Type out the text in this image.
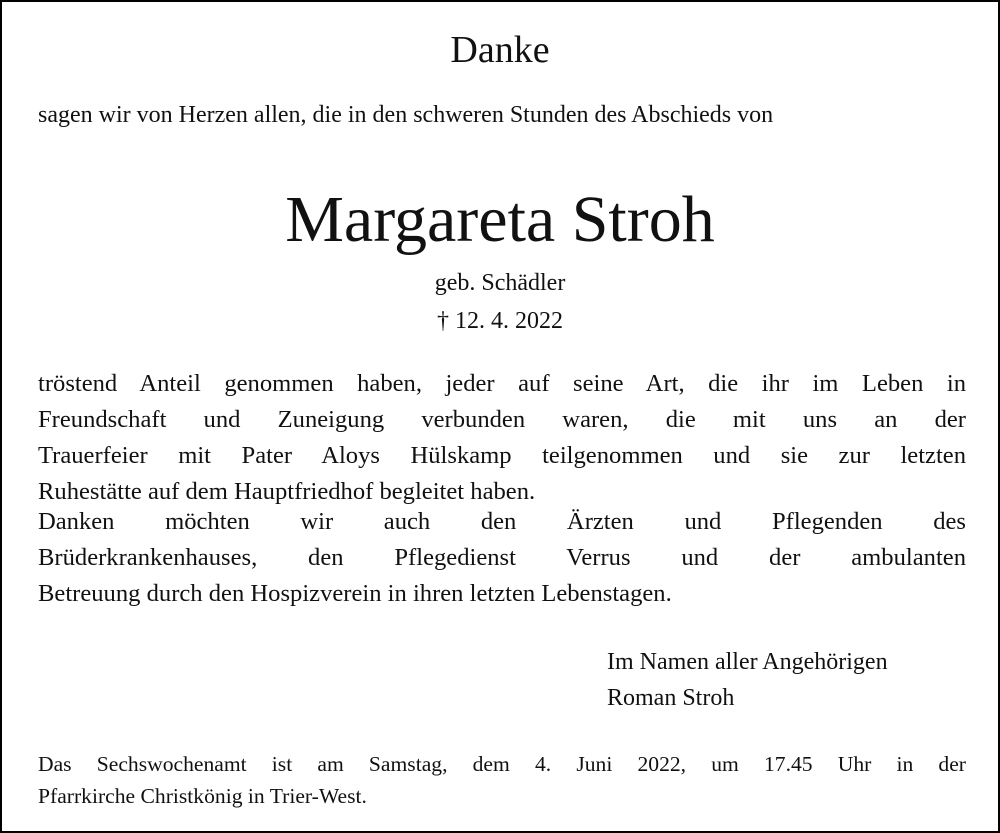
Danke
sagen wir von Herzen allen, die in den schweren Stunden des Abschieds von
Margareta Stroh
geb. Schädler
† 12. 4. 2022
tröstend Anteil genommen haben, jeder auf seine Art, die ihr im Leben in
Freundschaft und Zuneigung verbunden waren, die mit uns an der
Trauerfeier mit Pater Aloys Hülskamp teilgenommen und sie zur letzten
Ruhestätte auf dem Hauptfriedhof begleitet haben.
Danken möchten wir auch den Ärzten und Pflegenden des
Brüderkrankenhauses, den Pflegedienst Verrus und der ambulanten
Betreuung durch den Hospizverein in ihren letzten Lebenstagen.
Im Namen aller Angehörigen
Roman Stroh
Das Sechswochenamt ist am Samstag, dem 4. Juni 2022, um 17.45 Uhr in der
Pfarrkirche Christkönig in Trier-West.
